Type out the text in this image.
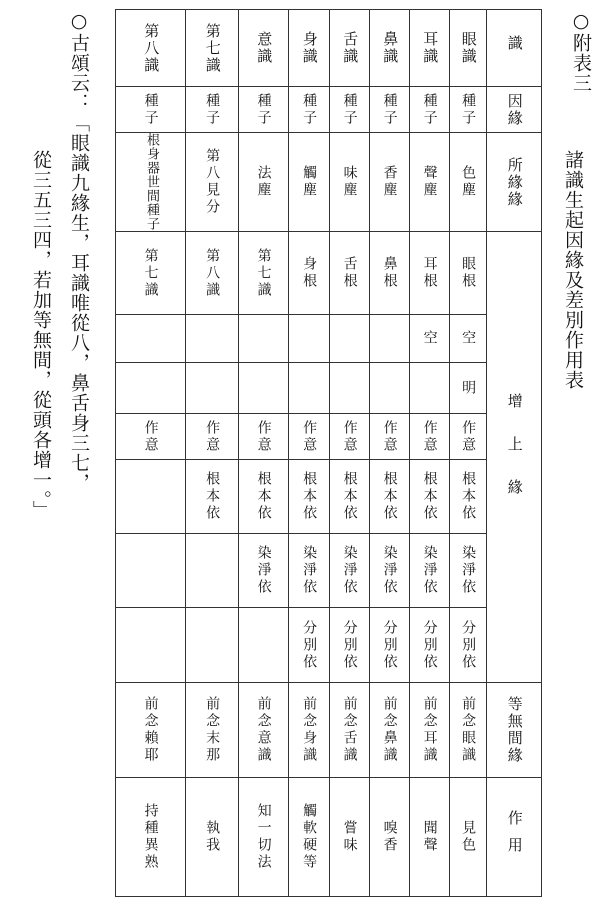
○附表三
諸識生起因緣及差別作用表
○古頌云：「眼識九緣生，耳識唯從八，鼻舌身三七，
從三五三四，若加等無間，從頭各增一。」
第八識	第七識	意識	身識	舌識	鼻識	耳識	眼識	識

種子	種子	種子	種子	種子	種子	種子	種子	因緣

根身器世間種子	第八見分	法塵	觸塵	味塵	香塵	聲塵	色塵	所緣緣

第七識	第八識	第七識	身根	舌根	鼻根	耳根	眼根	增上緣

						空	空	

							明	

作意	作意	作意	作意	作意	作意	作意	作意	

	根本依	根本依	根本依	根本依	根本依	根本依	根本依	

		染淨依	染淨依	染淨依	染淨依	染淨依	染淨依	

			分別依	分別依	分別依	分別依	分別依	

前念賴耶	前念末那	前念意識	前念身識	前念舌識	前念鼻識	前念耳識	前念眼識	等無間緣

持種異熟	執我	知一切法	觸軟硬等	嘗味	嗅香	聞聲	見色	作用
